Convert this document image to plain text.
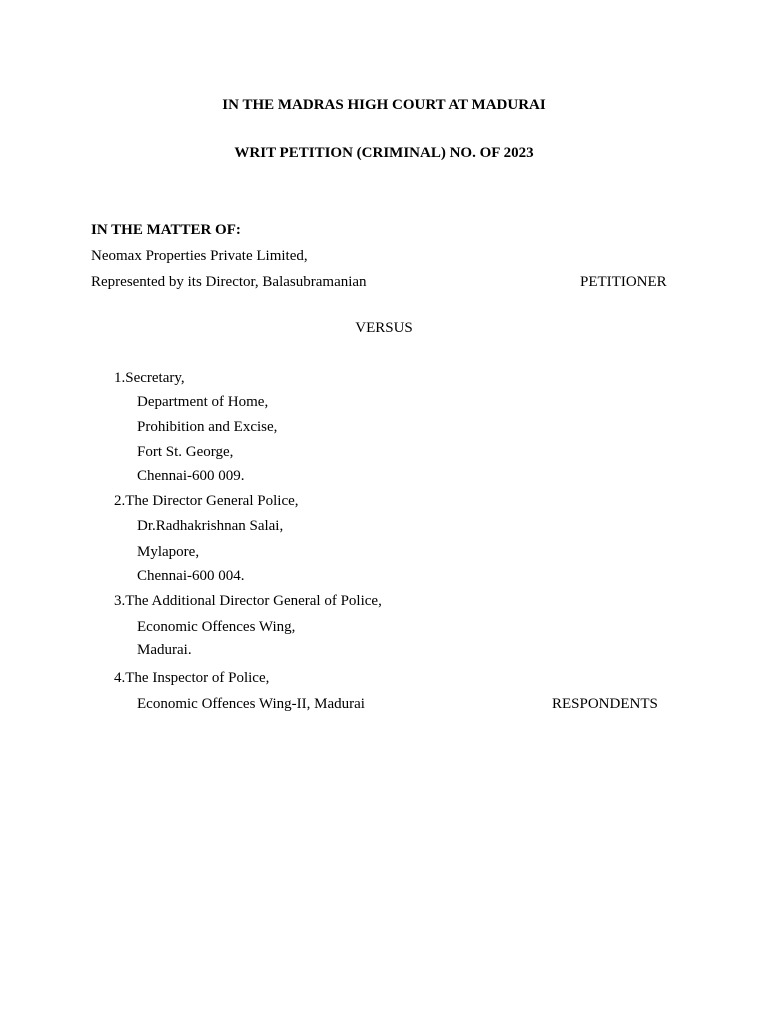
IN THE MADRAS HIGH COURT AT MADURAI
WRIT PETITION (CRIMINAL) NO. OF 2023
IN THE MATTER OF:
Neomax Properties Private Limited,
Represented by its Director, Balasubramanian	PETITIONER
VERSUS
1.Secretary,
Department of Home,
Prohibition and Excise,
Fort St. George,
Chennai-600 009.
2.The Director General Police,
Dr.Radhakrishnan Salai,
Mylapore,
Chennai-600 004.
3.The Additional Director General of Police,
Economic Offences Wing,
Madurai.
4.The Inspector of Police,
Economic Offences Wing-II, Madurai	RESPONDENTS
